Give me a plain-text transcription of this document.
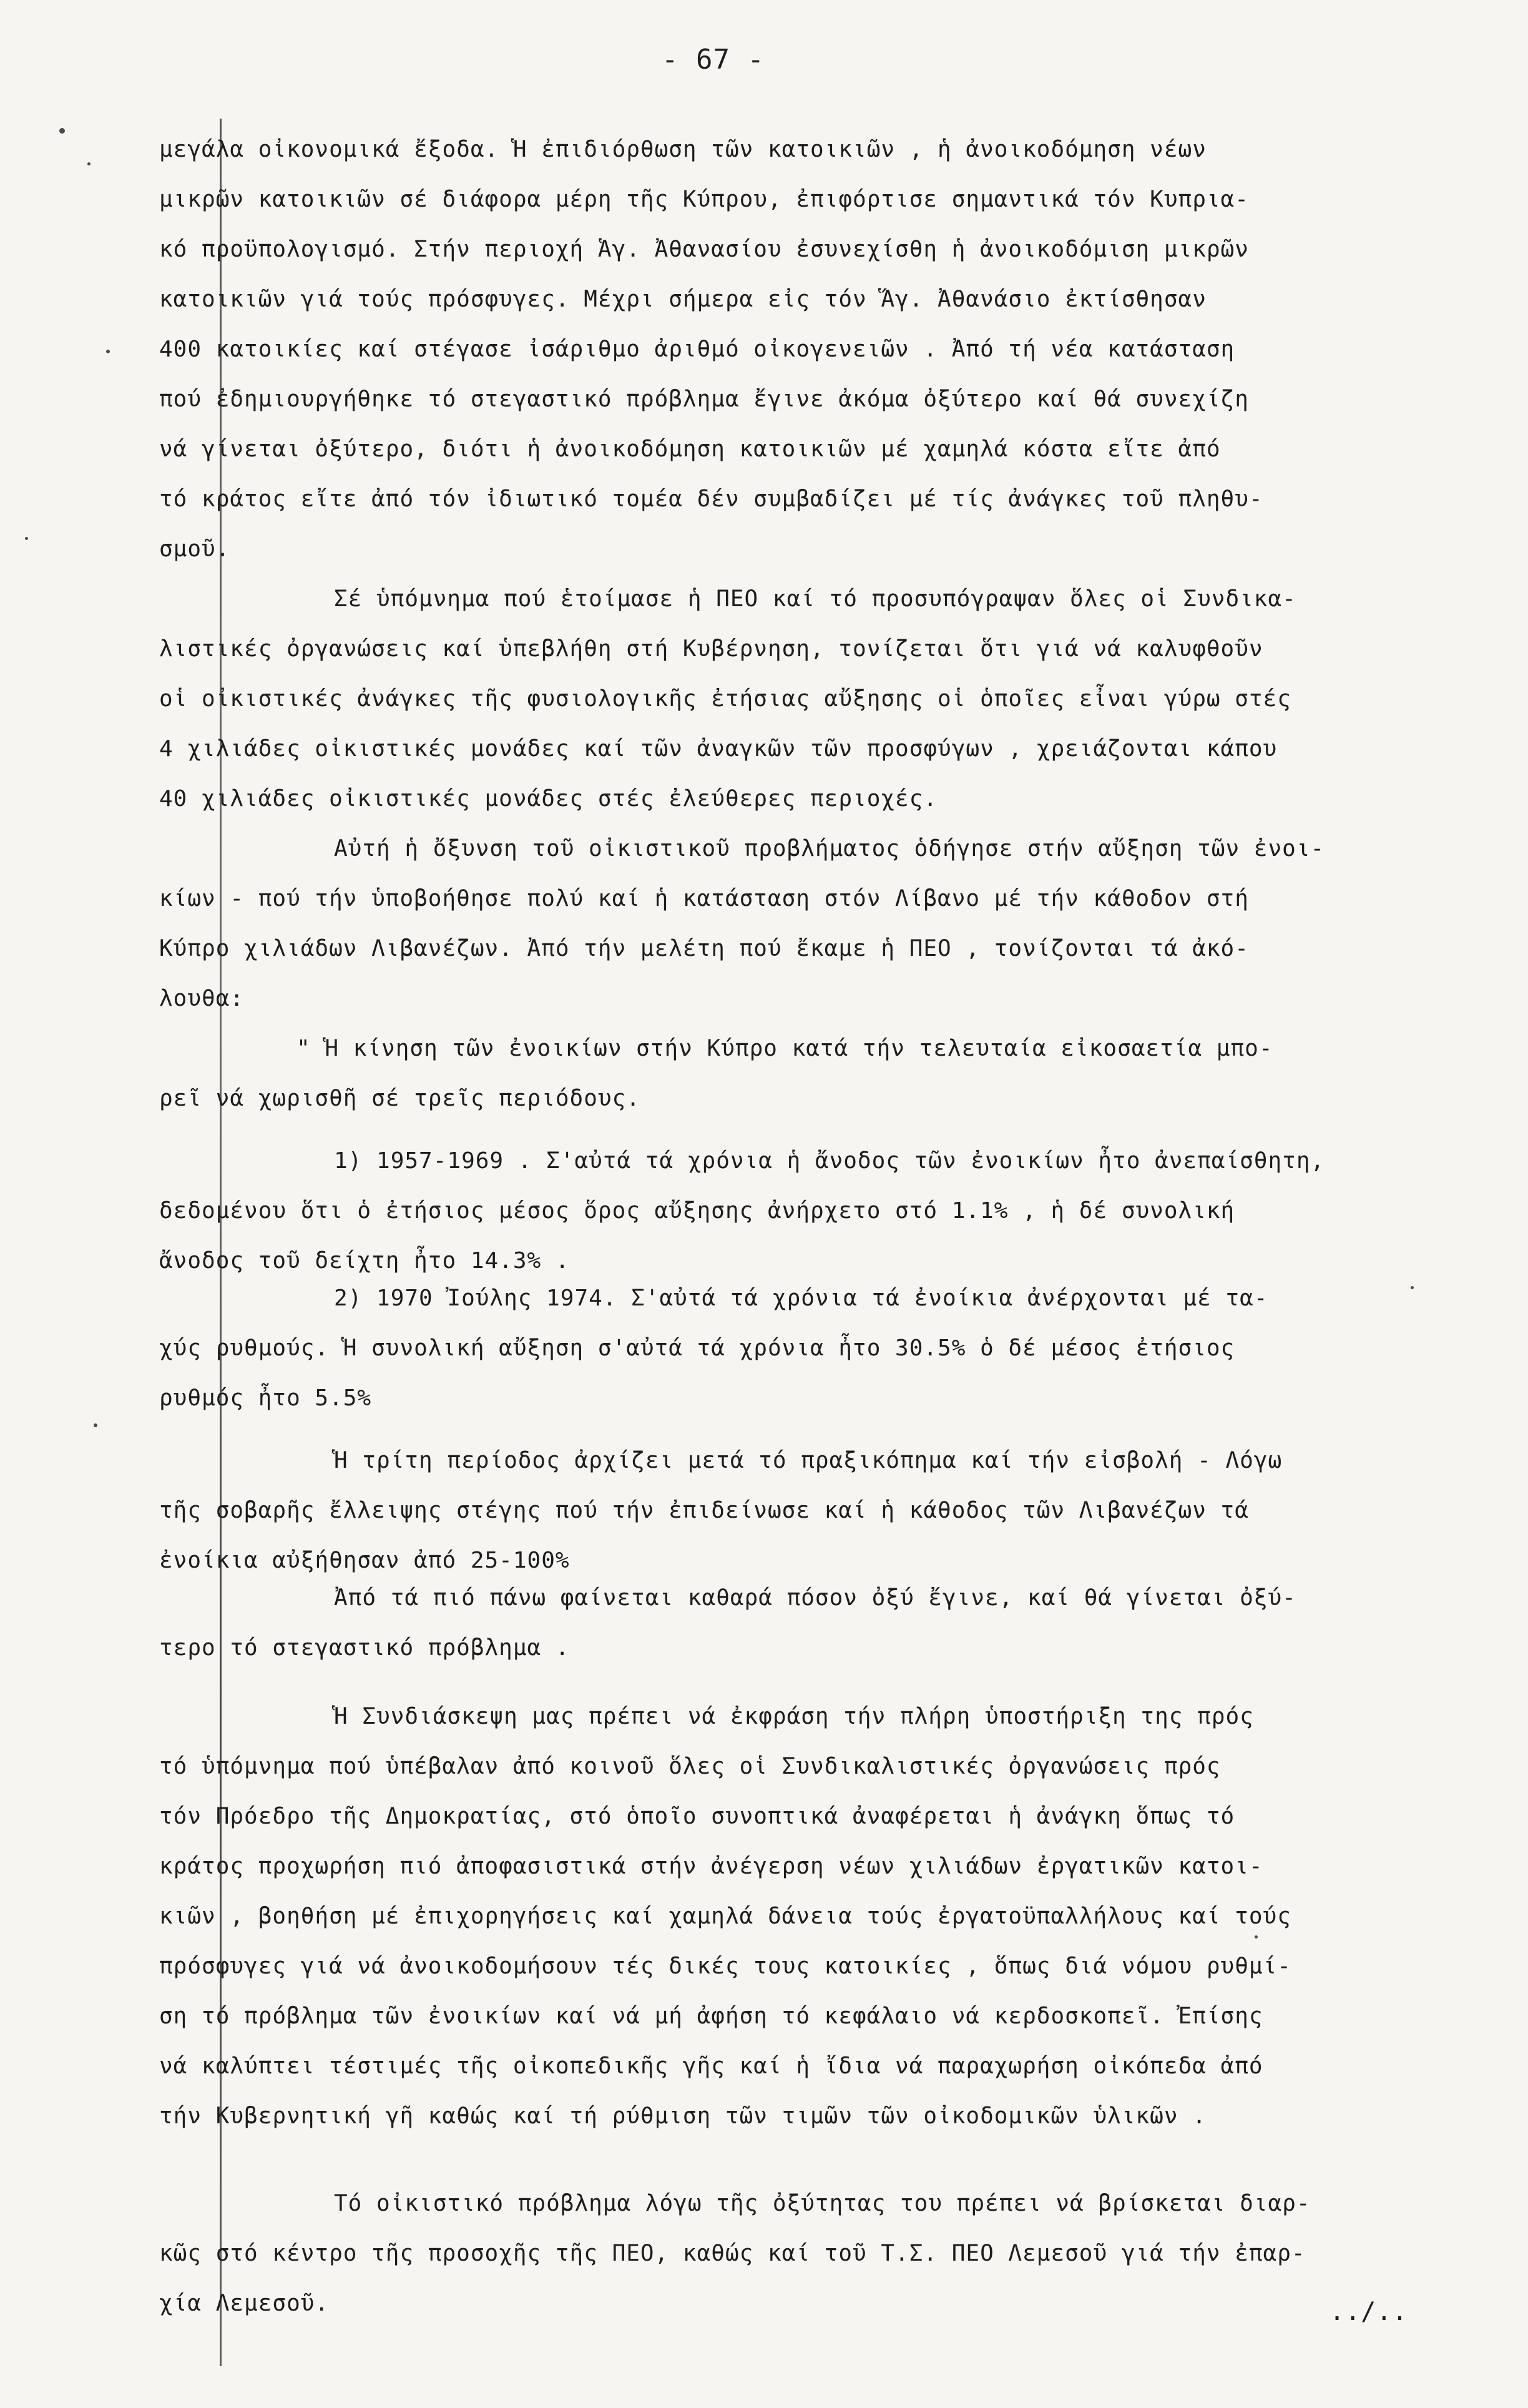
- 67 -
μεγάλα οἰκονομικά ἔξοδα. Ἡ ἐπιδιόρθωση τῶν κατοικιῶν , ἡ ἀνοικοδόμηση νέων
μικρῶν κατοικιῶν σέ διάφορα μέρη τῆς Κύπρου, ἐπιφόρτισε σημαντικά τόν Κυπρια-
κό προϋπολογισμό. Στήν περιοχή Ἁγ. Ἀθανασίου ἐσυνεχίσθη ἡ ἀνοικοδόμιση μικρῶν
κατοικιῶν γιά τούς πρόσφυγες. Μέχρι σήμερα εἰς τόν Ἅγ. Ἀθανάσιο ἐκτίσθησαν
400 κατοικίες καί στέγασε ἰσάριθμο ἀριθμό οἰκογενειῶν . Ἀπό τή νέα κατάσταση
πού ἐδημιουργήθηκε τό στεγαστικό πρόβλημα ἔγινε ἀκόμα ὀξύτερο καί θά συνεχίζη
νά γίνεται ὀξύτερο, διότι ἡ ἀνοικοδόμηση κατοικιῶν μέ χαμηλά κόστα εἴτε ἀπό
τό κράτος εἴτε ἀπό τόν ἰδιωτικό τομέα δέν συμβαδίζει μέ τίς ἀνάγκες τοῦ πληθυ-
σμοῦ.
Σέ ὑπόμνημα πού ἑτοίμασε ἡ ΠΕΟ καί τό προσυπόγραψαν ὅλες οἱ Συνδικα-
λιστικές ὀργανώσεις καί ὑπεβλήθη στή Κυβέρνηση, τονίζεται ὅτι γιά νά καλυφθοῦν
οἱ οἰκιστικές ἀνάγκες τῆς φυσιολογικῆς ἐτήσιας αὔξησης οἱ ὁποῖες εἶναι γύρω στές
4 χιλιάδες οἰκιστικές μονάδες καί τῶν ἀναγκῶν τῶν προσφύγων , χρειάζονται κάπου
40 χιλιάδες οἰκιστικές μονάδες στές ἐλεύθερες περιοχές.
Αὐτή ἡ ὄξυνση τοῦ οἰκιστικοῦ προβλήματος ὁδήγησε στήν αὔξηση τῶν ἐνοι-
κίων - πού τήν ὑποβοήθησε πολύ καί ἡ κατάσταση στόν Λίβανο μέ τήν κάθοδον στή
Κύπρο χιλιάδων Λιβανέζων. Ἀπό τήν μελέτη πού ἔκαμε ἡ ΠΕΟ , τονίζονται τά ἀκό-
λουθα:
" Ἡ κίνηση τῶν ἐνοικίων στήν Κύπρο κατά τήν τελευταία εἰκοσαετία μπο-
ρεῖ νά χωρισθῆ σέ τρεῖς περιόδους.
1) 1957-1969 . Σ'αὐτά τά χρόνια ἡ ἄνοδος τῶν ἐνοικίων ἦτο ἀνεπαίσθητη,
δεδομένου ὅτι ὁ ἐτήσιος μέσος ὅρος αὔξησης ἀνήρχετο στό 1.1% , ἡ δέ συνολική
ἄνοδος τοῦ δείχτη ἦτο 14.3% .
2) 1970 Ἰούλης 1974. Σ'αὐτά τά χρόνια τά ἐνοίκια ἀνέρχονται μέ τα-
χύς ρυθμούς. Ἡ συνολική αὔξηση σ'αὐτά τά χρόνια ἦτο 30.5% ὁ δέ μέσος ἐτήσιος
ρυθμός ἦτο 5.5%
Ἡ τρίτη περίοδος ἀρχίζει μετά τό πραξικόπημα καί τήν εἰσβολή - Λόγω
τῆς σοβαρῆς ἔλλειψης στέγης πού τήν ἐπιδείνωσε καί ἡ κάθοδος τῶν Λιβανέζων τά
ἐνοίκια αὐξήθησαν ἀπό 25-100%
Ἀπό τά πιό πάνω φαίνεται καθαρά πόσον ὀξύ ἔγινε, καί θά γίνεται ὀξύ-
τερο τό στεγαστικό πρόβλημα .
Ἡ Συνδιάσκεψη μας πρέπει νά ἐκφράση τήν πλήρη ὑποστήριξη της πρός
τό ὑπόμνημα πού ὑπέβαλαν ἀπό κοινοῦ ὅλες οἱ Συνδικαλιστικές ὀργανώσεις πρός
τόν Πρόεδρο τῆς Δημοκρατίας, στό ὁποῖο συνοπτικά ἀναφέρεται ἡ ἀνάγκη ὅπως τό
κράτος προχωρήση πιό ἀποφασιστικά στήν ἀνέγερση νέων χιλιάδων ἐργατικῶν κατοι-
κιῶν , βοηθήση μέ ἐπιχορηγήσεις καί χαμηλά δάνεια τούς ἐργατοϋπαλλήλους καί τούς
πρόσφυγες γιά νά ἀνοικοδομήσουν τές δικές τους κατοικίες , ὅπως διά νόμου ρυθμί-
ση τό πρόβλημα τῶν ἐνοικίων καί νά μή ἀφήση τό κεφάλαιο νά κερδοσκοπεῖ. Ἐπίσης
νά καλύπτει τέστιμές τῆς οἰκοπεδικῆς γῆς καί ἡ ἴδια νά παραχωρήση οἰκόπεδα ἀπό
τήν Κυβερνητική γῆ καθώς καί τή ρύθμιση τῶν τιμῶν τῶν οἰκοδομικῶν ὑλικῶν .
Τό οἰκιστικό πρόβλημα λόγω τῆς ὀξύτητας του πρέπει νά βρίσκεται διαρ-
κῶς στό κέντρο τῆς προσοχῆς τῆς ΠΕΟ, καθώς καί τοῦ Τ.Σ. ΠΕΟ Λεμεσοῦ γιά τήν ἐπαρ-
χία Λεμεσοῦ.	../..
